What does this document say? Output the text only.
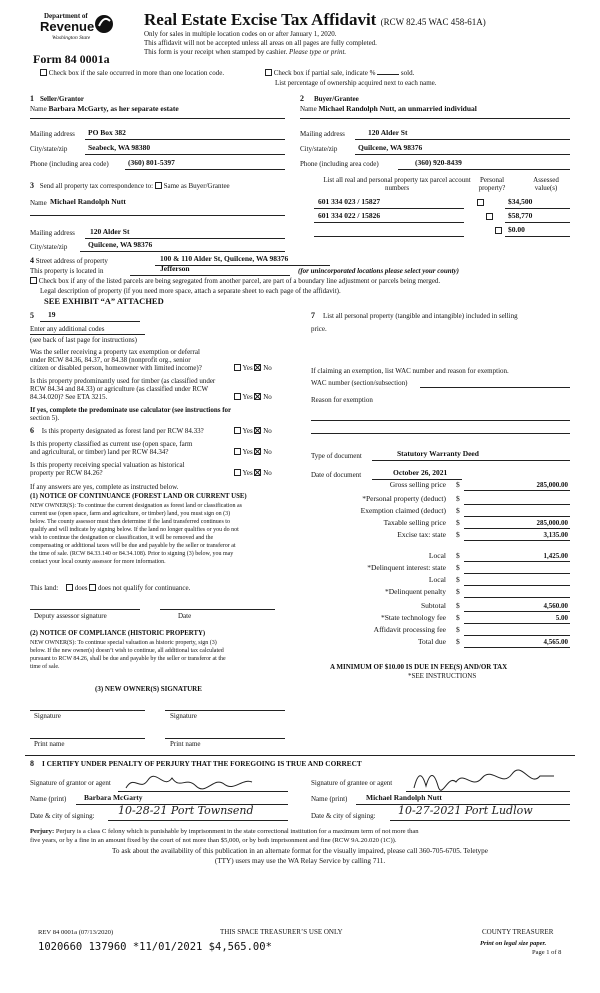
Department of
Revenue
Washington State
Form 84 0001a
Real Estate Excise Tax Affidavit (RCW 82.45 WAC 458-61A)
Only for sales in multiple location codes on or after January 1, 2020.
This affidavit will not be accepted unless all areas on all pages are fully completed.
This form is your receipt when stamped by cashier. Please type or print.
Check box if the sale occurred in more than one location code.	Check box if partial sale, indicate %	sold.
List percentage of ownership acquired next to each name.
1 Seller/Grantor
Name Barbara McGarty, as her separate estate
Mailing address PO Box 382
City/state/zip	Seabeck, WA 98380
Phone (including area code)	(360) 801-5397
2 Buyer/Grantee
Name Michael Randolph Nutt, an unmarried individual
Mailing address	120 Alder St
City/state/zip	Quilcene, WA 98376
Phone (including area code)	(360) 920-8439
3 Send all property tax correspondence to: Same as Buyer/Grantee
Name Michael Randolph Nutt
Mailing address 120 Alder St
City/state/zip	Quilcene, WA 98376
List all real and personal property tax parcel account numbers
Personal property?
Assessed value(s)
601 334 023 / 15827
	$34,500
601 334 022 / 15826
	$58,770
$0.00
4 Street address of property	100 & 110 Alder St, Quilcene, WA 98376
This property is located in	Jefferson	(for unincorporated locations please select your county)
Check box if any of the listed parcels are being segregated from another parcel, are part of a boundary line adjustment or parcels being merged.
Legal description of property (if you need more space, attach a separate sheet to each page of the affidavit).
SEE EXHIBIT “A” ATTACHED
5 19
Enter any additional codes
(see back of last page for instructions)
Was the seller receiving a property tax exemption or deferral
under RCW 84.36, 84.37, or 84.38 (nonprofit org., senior
citizen or disabled person, homeowner with limited income)?	Yes No
Is this property predominantly used for timber (as classified under
RCW 84.34 and 84.33) or agriculture (as classified under RCW
84.34.020)? See ETA 3215.	Yes No
If yes, complete the predominate use calculator (see instructions for
section 5).
6 Is this property designated as forest land per RCW 84.33?	Yes No
Is this property classified as current use (open space, farm
and agricultural, or timber) land per RCW 84.34?	Yes No
Is this property receiving special valuation as historical
property per RCW 84.26?	Yes No
If any answers are yes, complete as instructed below.
(1) NOTICE OF CONTINUANCE (FOREST LAND OR CURRENT USE)
NEW OWNER(S): To continue the current designation as forest land or classification as
current use (open space, farm and agriculture, or timber) land, you must sign on (3)
below. The county assessor must then determine if the land transferred continues to
qualify and will indicate by signing below. If the land no longer qualifies or you do not
wish to continue the designation or classification, it will be removed and the
compensating or additional taxes will be due and payable by the seller or transferor at
the time of sale. (RCW 84.33.140 or 84.34.108). Prior to signing (3) below, you may
contact your local county assessor for more information.
This land: does does not qualify for continuance.
Deputy assessor signature	Date
(2) NOTICE OF COMPLIANCE (HISTORIC PROPERTY)
NEW OWNER(S): To continue special valuation as historic property, sign (3)
below. If the new owner(s) doesn’t wish to continue, all additional tax calculated
pursuant to RCW 84.26, shall be due and payable by the seller or transferor at the
time of sale.
(3) NEW OWNER(S) SIGNATURE
Signature	Signature
Print name	Print name
7 List all personal property (tangible and intangible) included in selling
price.
If claiming an exemption, list WAC number and reason for exemption.
WAC number (section/subsection)
Reason for exemption
Type of document	Statutory Warranty Deed
Date of document	October 26, 2021
Gross selling price $	285,000.00
*Personal property (deduct) $
Exemption claimed (deduct) $
Taxable selling price $	285,000.00
Excise tax: state $	3,135.00
Local $	1,425.00
*Delinquent interest: state $
Local $
*Delinquent penalty $
Subtotal $	4,560.00
*State technology fee $	5.00
Affidavit processing fee $
Total due $	4,565.00
A MINIMUM OF $10.00 IS DUE IN FEE(S) AND/OR TAX
*SEE INSTRUCTIONS
8 I CERTIFY UNDER PENALTY OF PERJURY THAT THE FOREGOING IS TRUE AND CORRECT
Signature of grantor or agent	Signature of grantee or agent
Name (print) Barbara McGarty	Name (print) Michael Randolph Nutt
Date & city of signing: 10-28-21 Port Townsend	Date & city of signing: 10-27-2021 Port Ludlow
Perjury: Perjury is a class C felony which is punishable by imprisonment in the state correctional institution for a maximum term of not more than
five years, or by a fine in an amount fixed by the court of not more than $5,000, or by both imprisonment and fine (RCW 9A.20.020 (1C)).
To ask about the availability of this publication in an alternate format for the visually impaired, please call 360-705-6705. Teletype
(TTY) users may use the WA Relay Service by calling 711.
REV 84 0001a (07/13/2020)	THIS SPACE TREASURER’S USE ONLY	COUNTY TREASURER
1020660 137960 *11/01/2021 $4,565.00*	Print on legal size paper.
Page 1 of 8
